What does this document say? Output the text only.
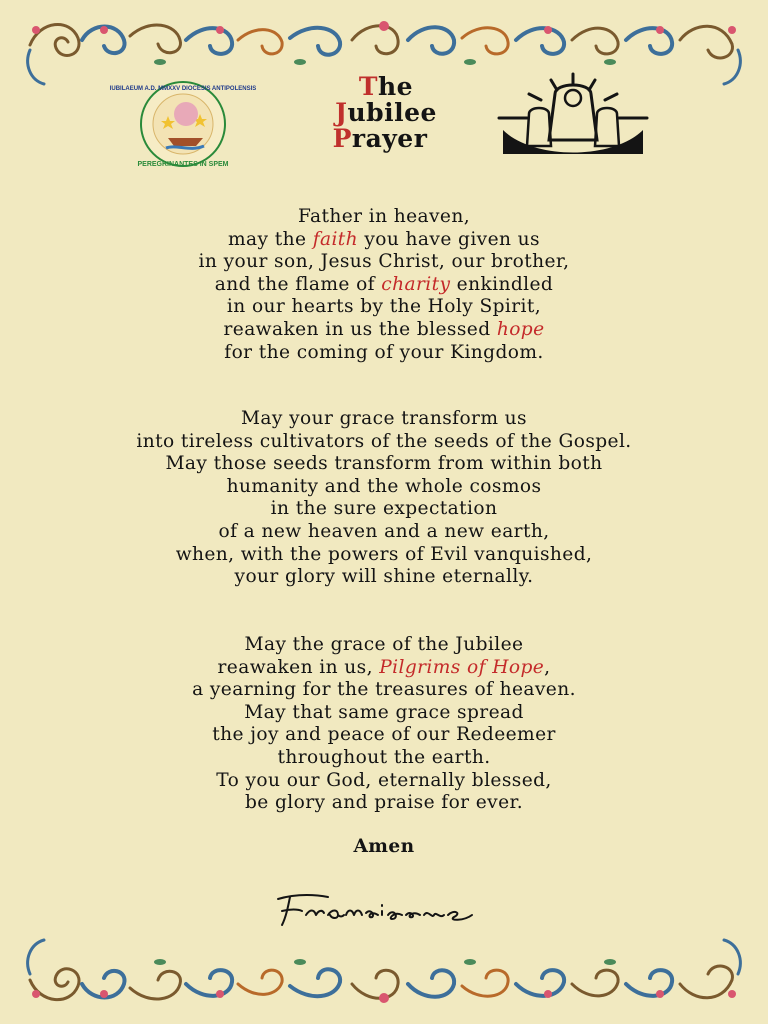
IUBILAEUM A.D. MMXXV DIOCESIS ANTIPOLENSIS
PEREGRINANTES IN SPEM
The
Jubilee
Prayer
Father in heaven,
may the faith you have given us
in your son, Jesus Christ, our brother,
and the flame of charity enkindled
in our hearts by the Holy Spirit,
reawaken in us the blessed hope
for the coming of your Kingdom.
May your grace transform us
into tireless cultivators of the seeds of the Gospel.
May those seeds transform from within both
humanity and the whole cosmos
in the sure expectation
of a new heaven and a new earth,
when, with the powers of Evil vanquished,
your glory will shine eternally.
May the grace of the Jubilee
reawaken in us, Pilgrims of Hope,
a yearning for the treasures of heaven.
May that same grace spread
the joy and peace of our Redeemer
throughout the earth.
To you our God, eternally blessed,
be glory and praise for ever.
Amen
